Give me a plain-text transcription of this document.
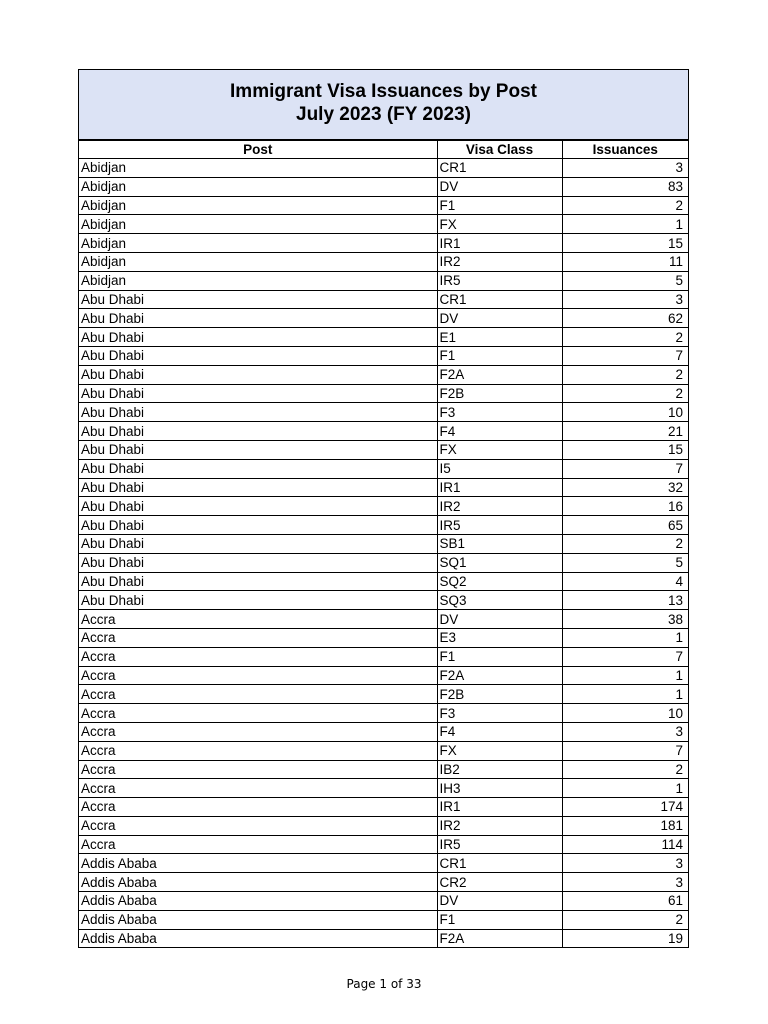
Immigrant Visa Issuances by Post
July 2023 (FY 2023)
Post	Visa Class	Issuances
Abidjan	CR1	3
Abidjan	DV	83
Abidjan	F1	2
Abidjan	FX	1
Abidjan	IR1	15
Abidjan	IR2	11
Abidjan	IR5	5
Abu Dhabi	CR1	3
Abu Dhabi	DV	62
Abu Dhabi	E1	2
Abu Dhabi	F1	7
Abu Dhabi	F2A	2
Abu Dhabi	F2B	2
Abu Dhabi	F3	10
Abu Dhabi	F4	21
Abu Dhabi	FX	15
Abu Dhabi	I5	7
Abu Dhabi	IR1	32
Abu Dhabi	IR2	16
Abu Dhabi	IR5	65
Abu Dhabi	SB1	2
Abu Dhabi	SQ1	5
Abu Dhabi	SQ2	4
Abu Dhabi	SQ3	13
Accra	DV	38
Accra	E3	1
Accra	F1	7
Accra	F2A	1
Accra	F2B	1
Accra	F3	10
Accra	F4	3
Accra	FX	7
Accra	IB2	2
Accra	IH3	1
Accra	IR1	174
Accra	IR2	181
Accra	IR5	114
Addis Ababa	CR1	3
Addis Ababa	CR2	3
Addis Ababa	DV	61
Addis Ababa	F1	2
Addis Ababa	F2A	19
Page 1 of 33
